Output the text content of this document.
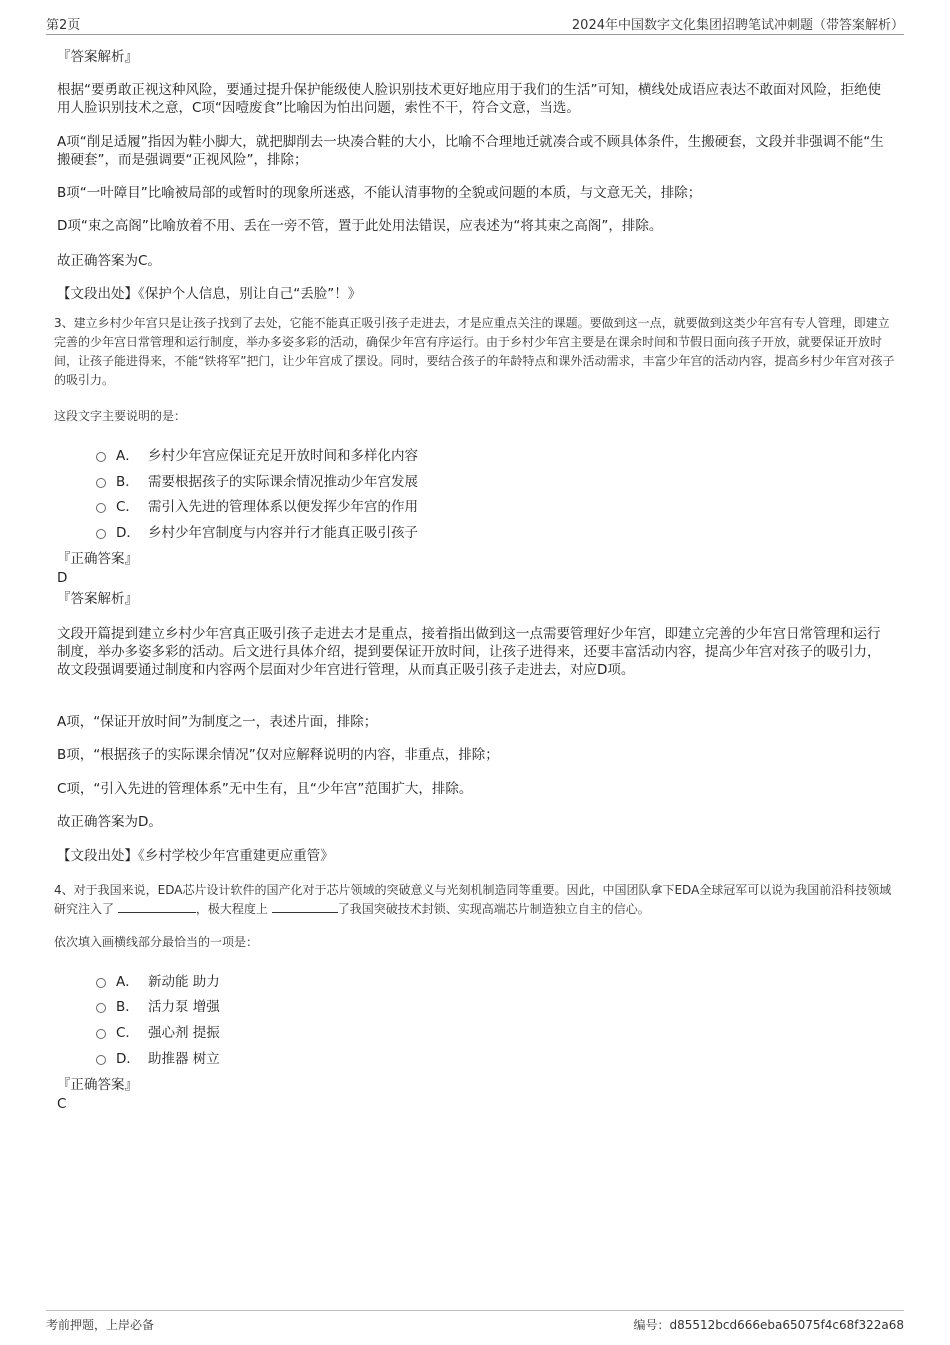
第2页	2024年中国数字文化集团招聘笔试冲刺题（带答案解析）
『答案解析』
根据“要勇敢正视这种风险，要通过提升保护能级使人脸识别技术更好地应用于我们的生活”可知，横线处成语应表达不敢面对风险，拒绝使用人脸识别技术之意，C项“因噎废食”比喻因为怕出问题，索性不干，符合文意，当选。
A项“削足适履”指因为鞋小脚大，就把脚削去一块凑合鞋的大小，比喻不合理地迁就凑合或不顾具体条件，生搬硬套，文段并非强调不能“生搬硬套”，而是强调要“正视风险”，排除；
B项“一叶障目”比喻被局部的或暂时的现象所迷惑，不能认清事物的全貌或问题的本质，与文意无关，排除；
D项“束之高阁”比喻放着不用、丢在一旁不管，置于此处用法错误，应表述为“将其束之高阁”，排除。
故正确答案为C。
【文段出处】《保护个人信息，别让自己“丢脸”！》
3、建立乡村少年宫只是让孩子找到了去处，它能不能真正吸引孩子走进去，才是应重点关注的课题。要做到这一点，就要做到这类少年宫有专人管理，即建立完善的少年宫日常管理和运行制度，举办多姿多彩的活动，确保少年宫有序运行。由于乡村少年宫主要是在课余时间和节假日面向孩子开放，就要保证开放时间，让孩子能进得来，不能“铁将军”把门，让少年宫成了摆设。同时，要结合孩子的年龄特点和课外活动需求，丰富少年宫的活动内容，提高乡村少年宫对孩子的吸引力。
这段文字主要说明的是：
A． 乡村少年宫应保证充足开放时间和多样化内容
B． 需要根据孩子的实际课余情况推动少年宫发展
C． 需引入先进的管理体系以便发挥少年宫的作用
D． 乡村少年宫制度与内容并行才能真正吸引孩子
『正确答案』
D
『答案解析』
文段开篇提到建立乡村少年宫真正吸引孩子走进去才是重点，接着指出做到这一点需要管理好少年宫，即建立完善的少年宫日常管理和运行制度，举办多姿多彩的活动。后文进行具体介绍，提到要保证开放时间，让孩子进得来，还要丰富活动内容，提高少年宫对孩子的吸引力，故文段强调要通过制度和内容两个层面对少年宫进行管理，从而真正吸引孩子走进去，对应D项。
A项，“保证开放时间”为制度之一，表述片面，排除；
B项，“根据孩子的实际课余情况”仅对应解释说明的内容，非重点，排除；
C项，“引入先进的管理体系”无中生有，且“少年宫”范围扩大，排除。
故正确答案为D。
【文段出处】《乡村学校少年宫重建更应重管》
4、对于我国来说，EDA芯片设计软件的国产化对于芯片领域的突破意义与光刻机制造同等重要。因此，中国团队拿下EDA全球冠军可以说为我国前沿科技领域研究注入了	，极大程度上	了我国突破技术封锁、实现高端芯片制造独立自主的信心。
依次填入画横线部分最恰当的一项是：
A． 新动能 助力
B． 活力泵 增强
C． 强心剂 提振
D． 助推器 树立
『正确答案』
C
考前押题，上岸必备	编号：d85512bcd666eba65075f4c68f322a68
